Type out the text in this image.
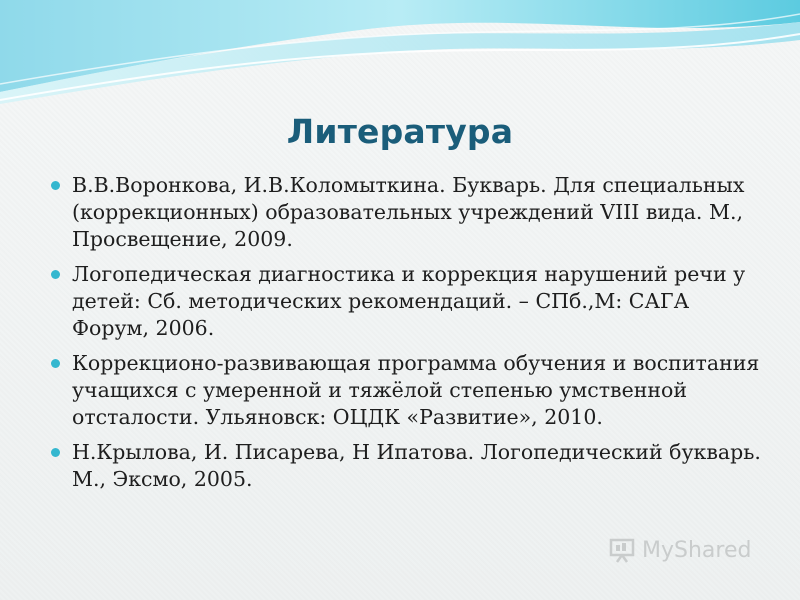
Литература
В.В.Воронкова, И.В.Коломыткина. Букварь. Для специальных (коррекционных) образовательных учреждений VIII вида. М., Просвещение, 2009.
Логопедическая диагностика и коррекция нарушений речи у детей: Сб. методических рекомендаций. – СПб.,М: САГА Форум, 2006.
Коррекционо-развивающая программа обучения и воспитания учащихся с умеренной и тяжёлой степенью умственной отсталости. Ульяновск: ОЦДК «Развитие», 2010.
Н.Крылова, И. Писарева, Н Ипатова. Логопедический букварь. М., Эксмо, 2005.
MyShared
